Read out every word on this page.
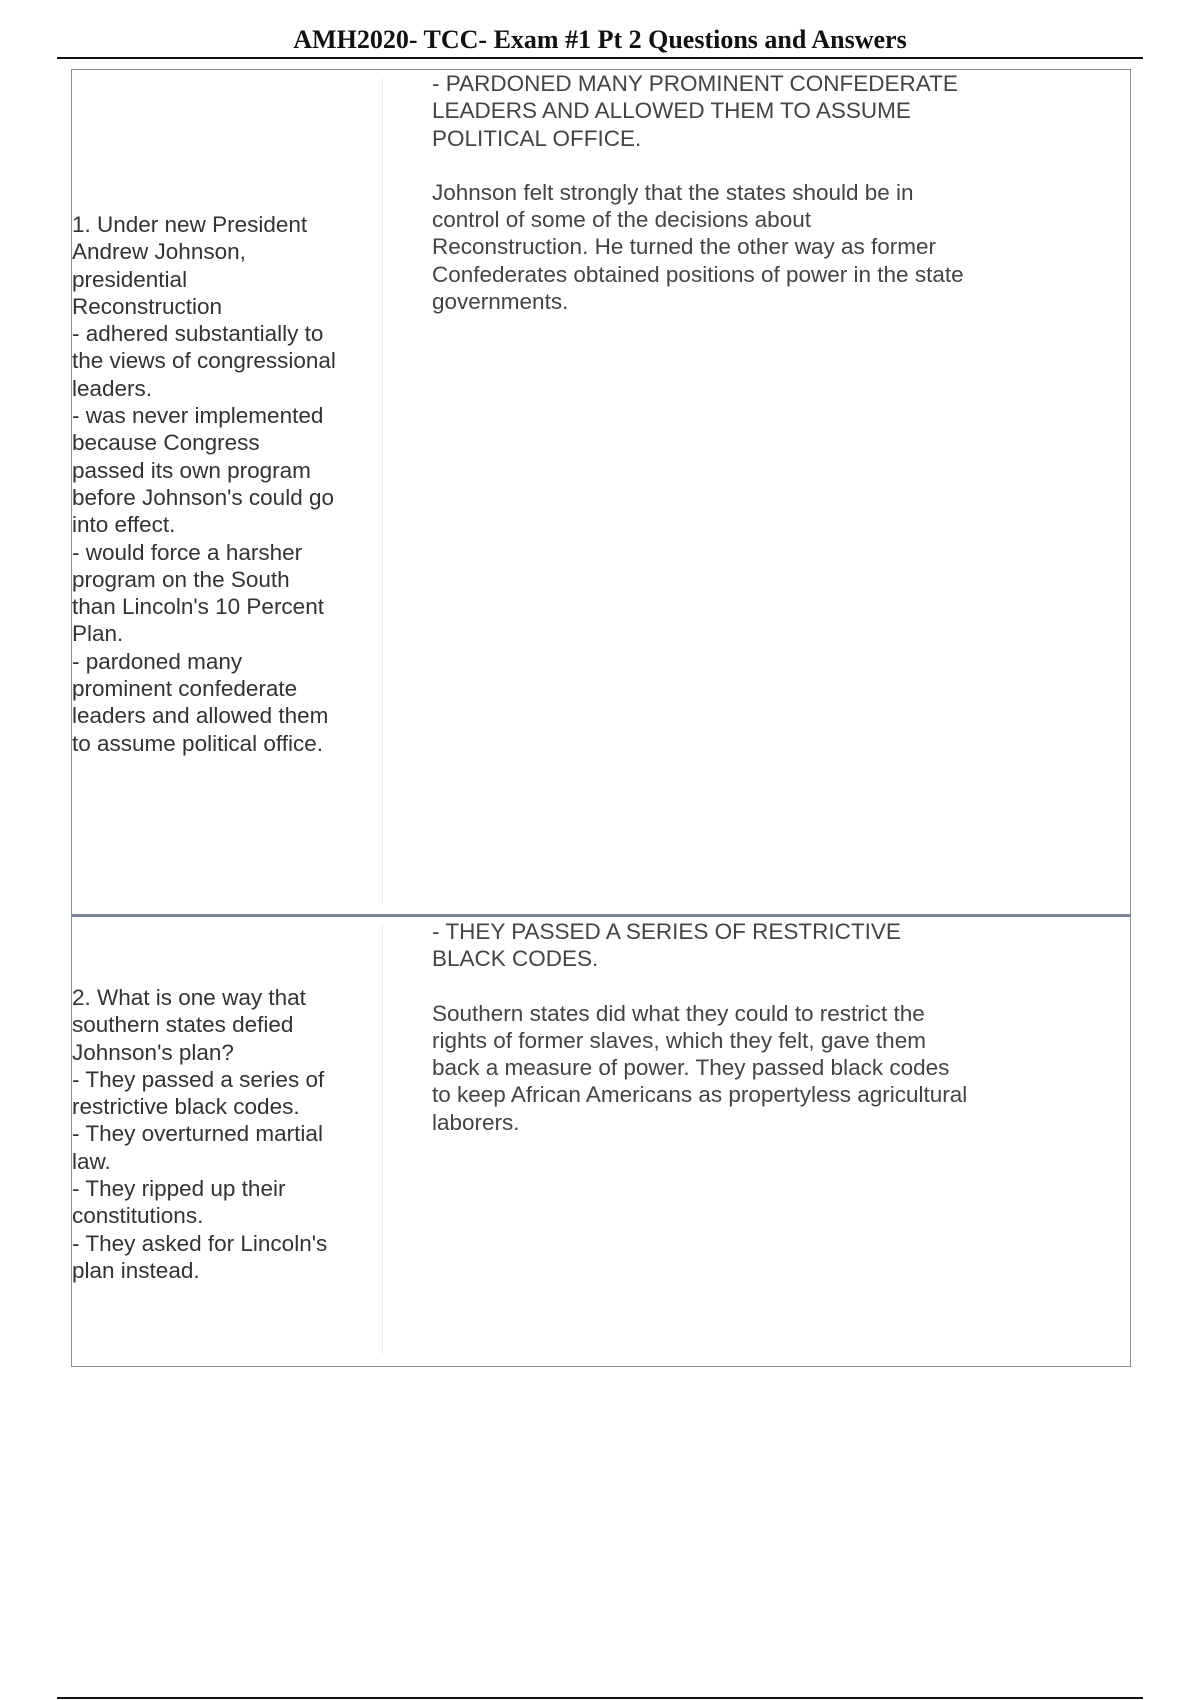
AMH2020- TCC- Exam #1 Pt 2 Questions and Answers
1. Under new President
Andrew Johnson,
presidential
Reconstruction
- adhered substantially to
the views of congressional
leaders.
- was never implemented
because Congress
passed its own program
before Johnson's could go
into effect.
- would force a harsher
program on the South
than Lincoln's 10 Percent
Plan.
- pardoned many
prominent confederate
leaders and allowed them
to assume political office.
- PARDONED MANY PROMINENT CONFEDERATE
LEADERS AND ALLOWED THEM TO ASSUME
POLITICAL OFFICE.
Johnson felt strongly that the states should be in
control of some of the decisions about
Reconstruction. He turned the other way as former
Confederates obtained positions of power in the state
governments.
2. What is one way that
southern states defied
Johnson's plan?
- They passed a series of
restrictive black codes.
- They overturned martial
law.
- They ripped up their
constitutions.
- They asked for Lincoln's
plan instead.
- THEY PASSED A SERIES OF RESTRICTIVE
BLACK CODES.
Southern states did what they could to restrict the
rights of former slaves, which they felt, gave them
back a measure of power. They passed black codes
to keep African Americans as propertyless agricultural
laborers.
